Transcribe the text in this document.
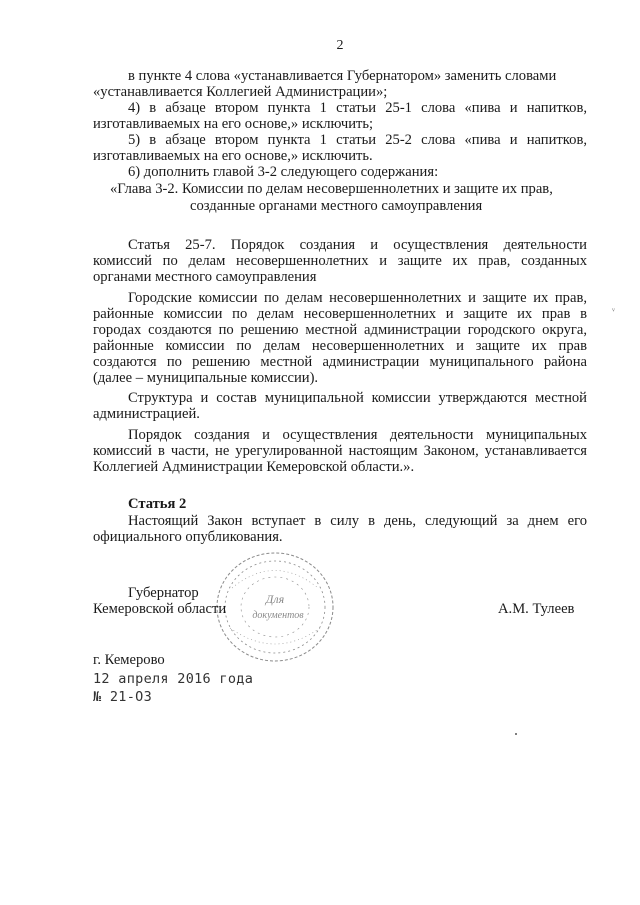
2
в пункте 4 слова «устанавливается Губернатором» заменить словами
«устанавливается Коллегией Администрации»;
4) в абзаце втором пункта 1 статьи 25-1 слова «пива и напитков,
изготавливаемых на его основе,» исключить;
5) в абзаце втором пункта 1 статьи 25-2 слова «пива и напитков,
изготавливаемых на его основе,» исключить.
6) дополнить главой 3-2 следующего содержания:
«Глава 3-2. Комиссии по делам несовершеннолетних и защите их прав,
созданные органами местного самоуправления
Статья 25-7. Порядок создания и осуществления деятельности
комиссий по делам несовершеннолетних и защите их прав, созданных
органами местного самоуправления
Городские комиссии по делам несовершеннолетних и защите их прав,
районные комиссии по делам несовершеннолетних и защите их прав в
городах создаются по решению местной администрации городского округа,
районные комиссии по делам несовершеннолетних и защите их прав
создаются по решению местной администрации муниципального района
(далее – муниципальные комиссии).
Структура и состав муниципальной комиссии утверждаются местной
администрацией.
Порядок создания и осуществления деятельности муниципальных
комиссий в части, не урегулированной настоящим Законом, устанавливается
Коллегией Администрации Кемеровской области.».
Статья 2
Настоящий Закон вступает в силу в день, следующий за днем его
официального опубликования.
Для
документов
Губернатор
Кемеровской области	А.М. Тулеев
г. Кемерово
12 апреля 2016 года
№ 21-ОЗ
ᵛ
